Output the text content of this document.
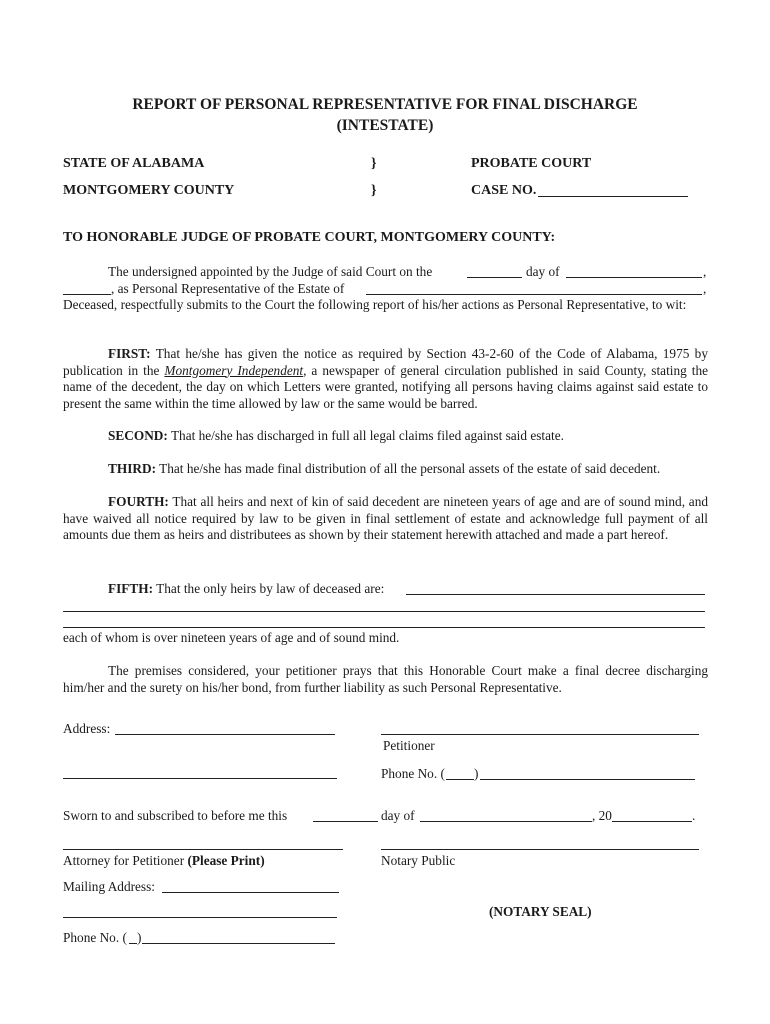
REPORT OF PERSONAL REPRESENTATIVE FOR FINAL DISCHARGE
(INTESTATE)
STATE OF ALABAMA	}	PROBATE COURT
MONTGOMERY COUNTY	}	CASE NO.
TO HONORABLE JUDGE OF PROBATE COURT, MONTGOMERY COUNTY:
The undersigned appointed by the Judge of said Court on the	day of	,
, as Personal Representative of the Estate of	,
Deceased, respectfully submits to the Court the following report of his/her actions as Personal Representative, to wit:
FIRST: That he/she has given the notice as required by Section 43-2-60 of the Code of Alabama, 1975 by publication in the Montgomery Independent, a newspaper of general circulation published in said County, stating the name of the decedent, the day on which Letters were granted, notifying all persons having claims against said estate to present the same within the time allowed by law or the same would be barred.
SECOND: That he/she has discharged in full all legal claims filed against said estate.
THIRD: That he/she has made final distribution of all the personal assets of the estate of said decedent.
FOURTH: That all heirs and next of kin of said decedent are nineteen years of age and are of sound mind, and have waived all notice required by law to be given in final settlement of estate and acknowledge full payment of all amounts due them as heirs and distributees as shown by their statement herewith attached and made a part hereof.
FIFTH: That the only heirs by law of deceased are:
each of whom is over nineteen years of age and of sound mind.
The premises considered, your petitioner prays that this Honorable Court make a final decree discharging him/her and the surety on his/her bond, from further liability as such Personal Representative.
Address:
Petitioner
Phone No. ( )
Sworn to and subscribed to before me this	day of	, 20	.
Attorney for Petitioner (Please Print)	Notary Public
Mailing Address:
(NOTARY SEAL)
Phone No. ( )
